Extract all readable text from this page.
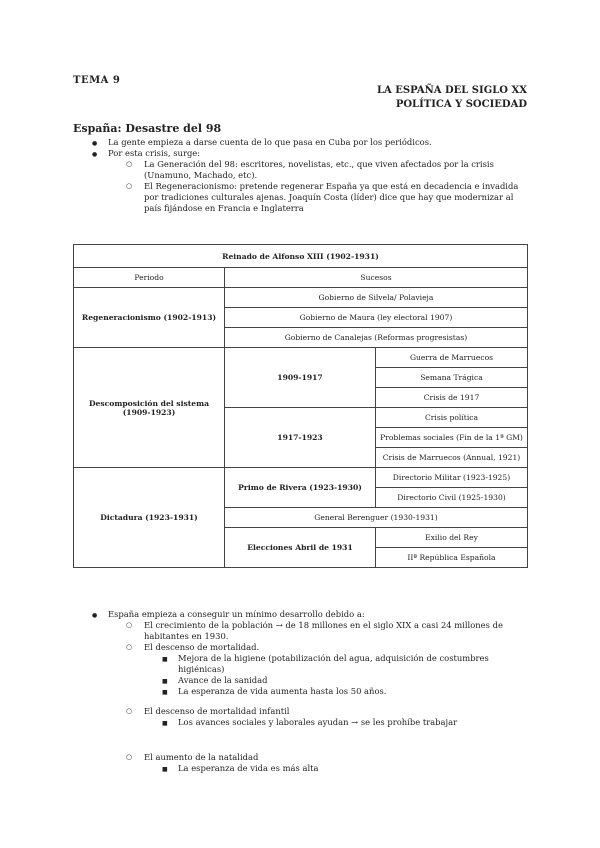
TEMA 9
LA ESPAÑA DEL SIGLO XX
POLÍTICA Y SOCIEDAD
España: Desastre del 98
● La gente empieza a darse cuenta de lo que pasa en Cuba por los periódicos.
● Por esta crisis, surge:
○ La Generación del 98: escritores, novelistas, etc., que viven afectados por la crisis (Unamuno, Machado, etc).
○ El Regeneracionismo: pretende regenerar España ya que está en decadencia e invadida por tradiciones culturales ajenas. Joaquín Costa (líder) dice que hay que modernizar al país fijándose en Francia e Inglaterra
Reinado de Alfonso XIII (1902-1931)		
Periodo	Sucesos	
Regeneracionismo (1902-1913)	Gobierno de Silvela/ Polavieja	
	Gobierno de Maura (ley electoral 1907)	
	Gobierno de Canalejas (Reformas progresistas)	
Descomposición del sistema (1909-1923)	1909-1917	Guerra de Marruecos
		Semana Trágica
		Crisis de 1917
	1917-1923	Crisis política
		Problemas sociales (Fin de la 1ª GM)
		Crisis de Marruecos (Annual, 1921)
Dictadura (1923-1931)	Primo de Rivera (1923-1930)	Directorio Militar (1923-1925)
		Directorio Civil (1925-1930)
	General Berenguer (1930-1931)	
	Elecciones Abril de 1931	Exilio del Rey
		IIª República Española
● España empieza a conseguir un mínimo desarrollo debido a:
○ El crecimiento de la población → de 18 millones en el siglo XIX a casi 24 millones de habitantes en 1930.
○ El descenso de mortalidad.
■ Mejora de la higiene (potabilización del agua, adquisición de costumbres higiénicas)
■ Avance de la sanidad
■ La esperanza de vida aumenta hasta los 50 años.
○ El descenso de mortalidad infantil
■ Los avances sociales y laborales ayudan → se les prohíbe trabajar
○ El aumento de la natalidad
■ La esperanza de vida es más alta
